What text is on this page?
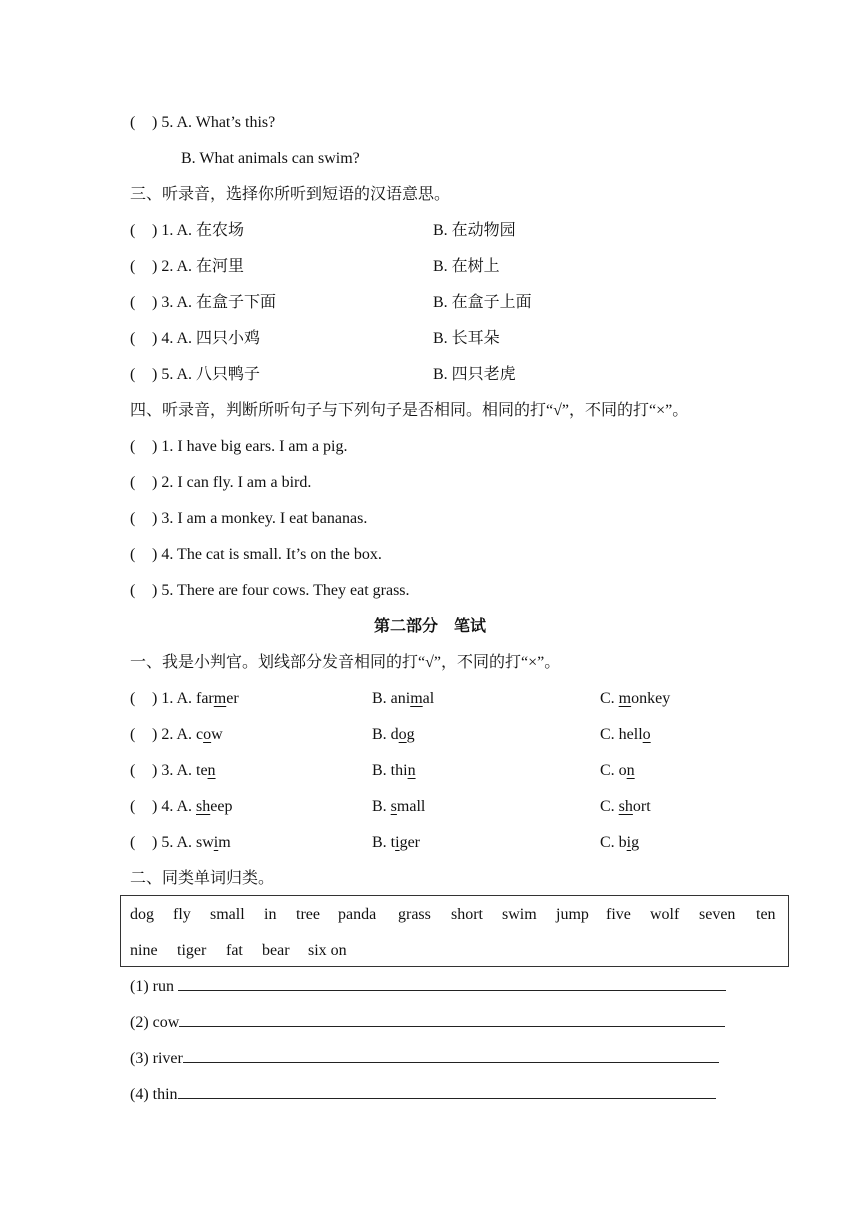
( ) 5. A. What’s this?
B. What animals can swim?
三、听录音，选择你所听到短语的汉语意思。
( ) 1. A. 在农场	B. 在动物园
( ) 2. A. 在河里	B. 在树上
( ) 3. A. 在盒子下面	B. 在盒子上面
( ) 4. A. 四只小鸡	B. 长耳朵
( ) 5. A. 八只鸭子	B. 四只老虎
四、听录音，判断所听句子与下列句子是否相同。相同的打“√”，不同的打“×”。
( ) 1. I have big ears. I am a pig.
( ) 2. I can fly. I am a bird.
( ) 3. I am a monkey. I eat bananas.
( ) 4. The cat is small. It’s on the box.
( ) 5. There are four cows. They eat grass.
第二部分    笔试
一、我是小判官。划线部分发音相同的打“√”，不同的打“×”。
( ) 1. A. farmer	B. animal	C. monkey
( ) 2. A. cow	B. dog	C. hello
( ) 3. A. ten	B. thin	C. on
( ) 4. A. sheep	B. small	C. short
( ) 5. A. swim	B. tiger	C. big
二、同类单词归类。
dog fly small in tree panda grass short swim jump five wolf seven ten
nine tiger fat bear six on
(1) run
(2) cow
(3) river
(4) thin
